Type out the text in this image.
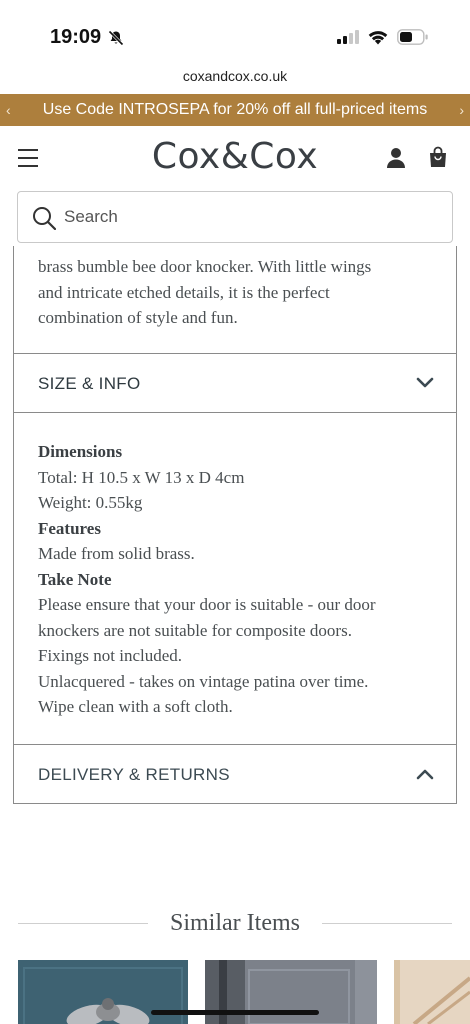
19:09
coxandcox.co.uk
‹	Use Code INTROSEPA for 20% off all full-priced items	›
Cox&Cox
Search
brass bumble bee door knocker. With little wings
and intricate etched details, it is the perfect
combination of style and fun.
SIZE & INFO
Dimensions
Total: H 10.5 x W 13 x D 4cm
Weight: 0.55kg
Features
Made from solid brass.
Take Note
Please ensure that your door is suitable - our door
knockers are not suitable for composite doors.
Fixings not included.
Unlacquered - takes on vintage patina over time.
Wipe clean with a soft cloth.
DELIVERY & RETURNS
Similar Items
